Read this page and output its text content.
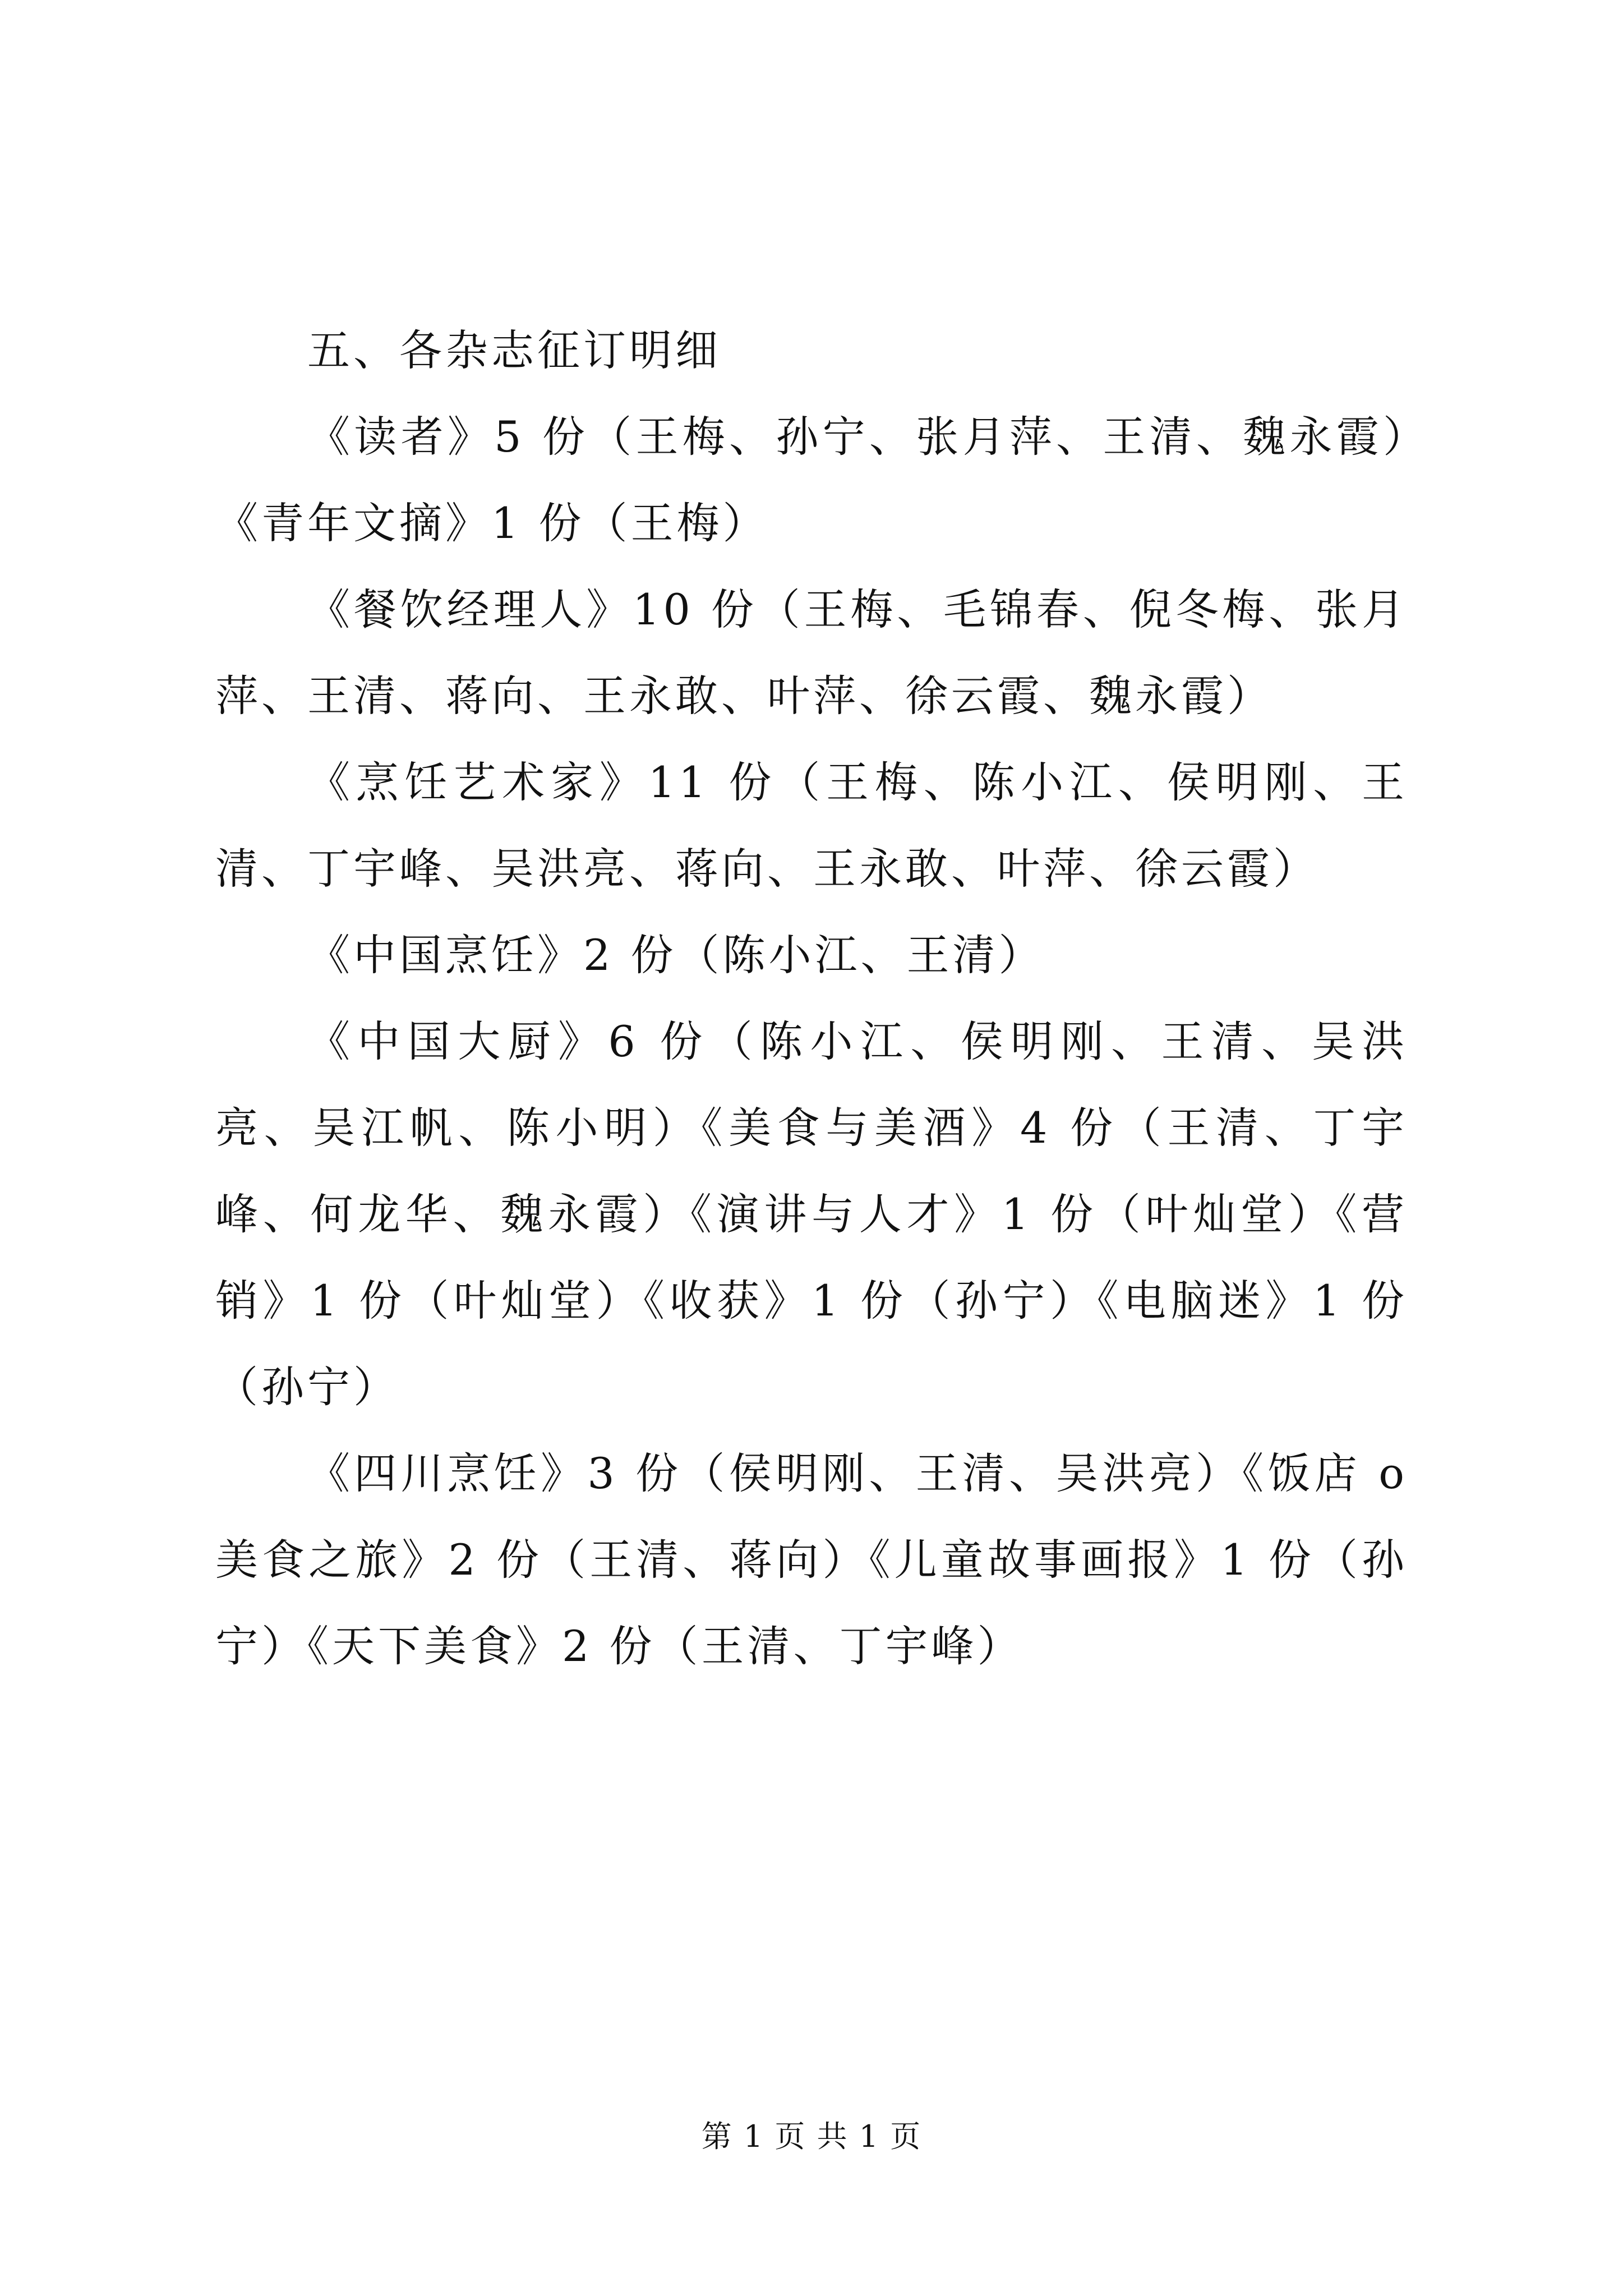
五、各杂志征订明细

《读者》5 份（王梅、孙宁、张月萍、王清、魏永霞）《青年文摘》1 份（王梅）

《餐饮经理人》10 份（王梅、毛锦春、倪冬梅、张月萍、王清、蒋向、王永敢、叶萍、徐云霞、魏永霞）

《烹饪艺术家》11 份（王梅、陈小江、侯明刚、王清、丁宇峰、吴洪亮、蒋向、王永敢、叶萍、徐云霞）

《中国烹饪》2 份（陈小江、王清）

《中国大厨》6 份（陈小江、侯明刚、王清、吴洪亮、吴江帆、陈小明）《美食与美酒》4 份（王清、丁宇峰、何龙华、魏永霞）《演讲与人才》1 份（叶灿堂）《营销》1 份（叶灿堂）《收获》1 份（孙宁）《电脑迷》1 份（孙宁）

《四川烹饪》3 份（侯明刚、王清、吴洪亮）《饭店 o 美食之旅》2 份（王清、蒋向）《儿童故事画报》1 份（孙宁）《天下美食》2 份（王清、丁宇峰）

第 1 页 共 1 页
